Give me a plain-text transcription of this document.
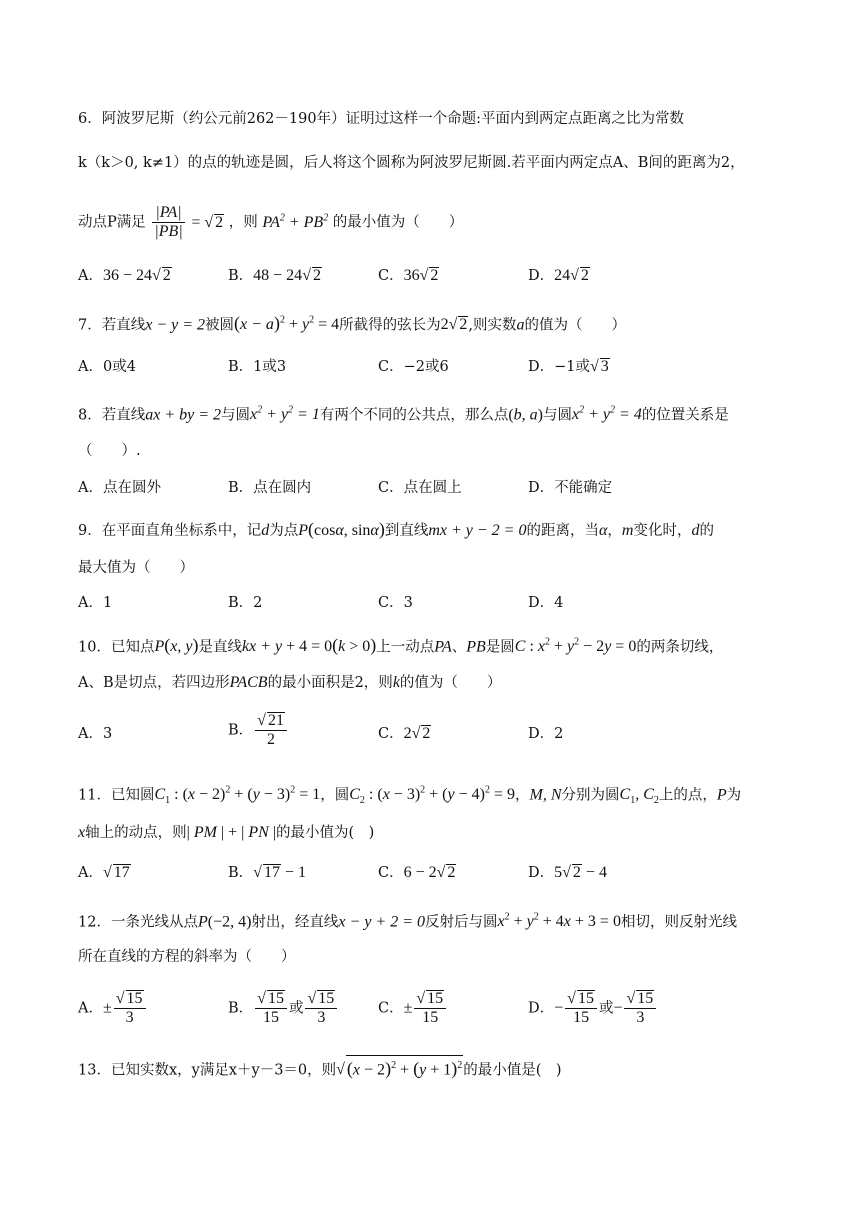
6．阿波罗尼斯（约公元前262－190年）证明过这样一个命题:平面内到两定点距离之比为常数
k（k＞0, k≠1）的点的轨迹是圆，后人将这个圆称为阿波罗尼斯圆.若平面内两定点A、B间的距离为2，
动点P满足 $\frac{|PA|}{|PB|}$ = √ 2 ，则 $PA^2 + PB^2$ 的最小值为（　　）
A．36 − 24√ 2	B．48 − 24√ 2	C．36√ 2	D．24√ 2
7．若直线x − y = 2被圆$(x - a)^2 + y^2 = 4$所截得的弦长为2√ 2,则实数a的值为（　　）
A．0或4	B．1或3	C．−2或6	D．−1或√ 3
8．若直线ax + by = 2与圆$x^2 + y^2 = 1$有两个不同的公共点，那么点(b, a)与圆$x^2 + y^2 = 4$的位置关系是
（　　）.
A．点在圆外	B．点在圆内	C．点在圆上	D．不能确定
9．在平面直角坐标系中，记d为点P(cosα, sinα)到直线mx + y − 2 = 0的距离，当α，m变化时，d的
最大值为（　　）
A．1	B．2	C．3	D．4
10．已知点P(x, y)是直线kx + y + 4 = 0(k > 0)上一动点PA、PB是圆C : $x^2 + y^2 - 2y = 0$的两条切线，
A、B是切点，若四边形PACB的最小面积是2，则k的值为（　　）
A．3	B． $\frac{√ 21}{2}$	C．2√ 2	D．2
11．已知圆$C_1$ : $(x - 2)^2 + (y - 3)^2 = 1$，圆$C_2$ : $(x - 3)^2 + (y - 4)^2 = 9$，M, N分别为圆$C_1$, $C_2$上的点，P为
x轴上的动点，则| PM | + | PN |的最小值为(　)
A．√ 17	B．√ 17 − 1	C．6 − 2√ 2	D．5√ 2 − 4
12．一条光线从点P(−2, 4)射出，经直线x − y + 2 = 0反射后与圆$x^2 + y^2 + 4x + 3 = 0$相切，则反射光线
所在直线的方程的斜率为（　　）
A．± $\frac{√ 15}{3}$	B． $\frac{√ 15}{15}$ 或 $\frac{√ 15}{3}$	C．± $\frac{√ 15}{15}$	D．− $\frac{√ 15}{15}$ 或− $\frac{√ 15}{3}$
13．已知实数x，y满足x＋y－3＝0，则√ $(x - 2)^2 + (y + 1)^2$的最小值是(　)
